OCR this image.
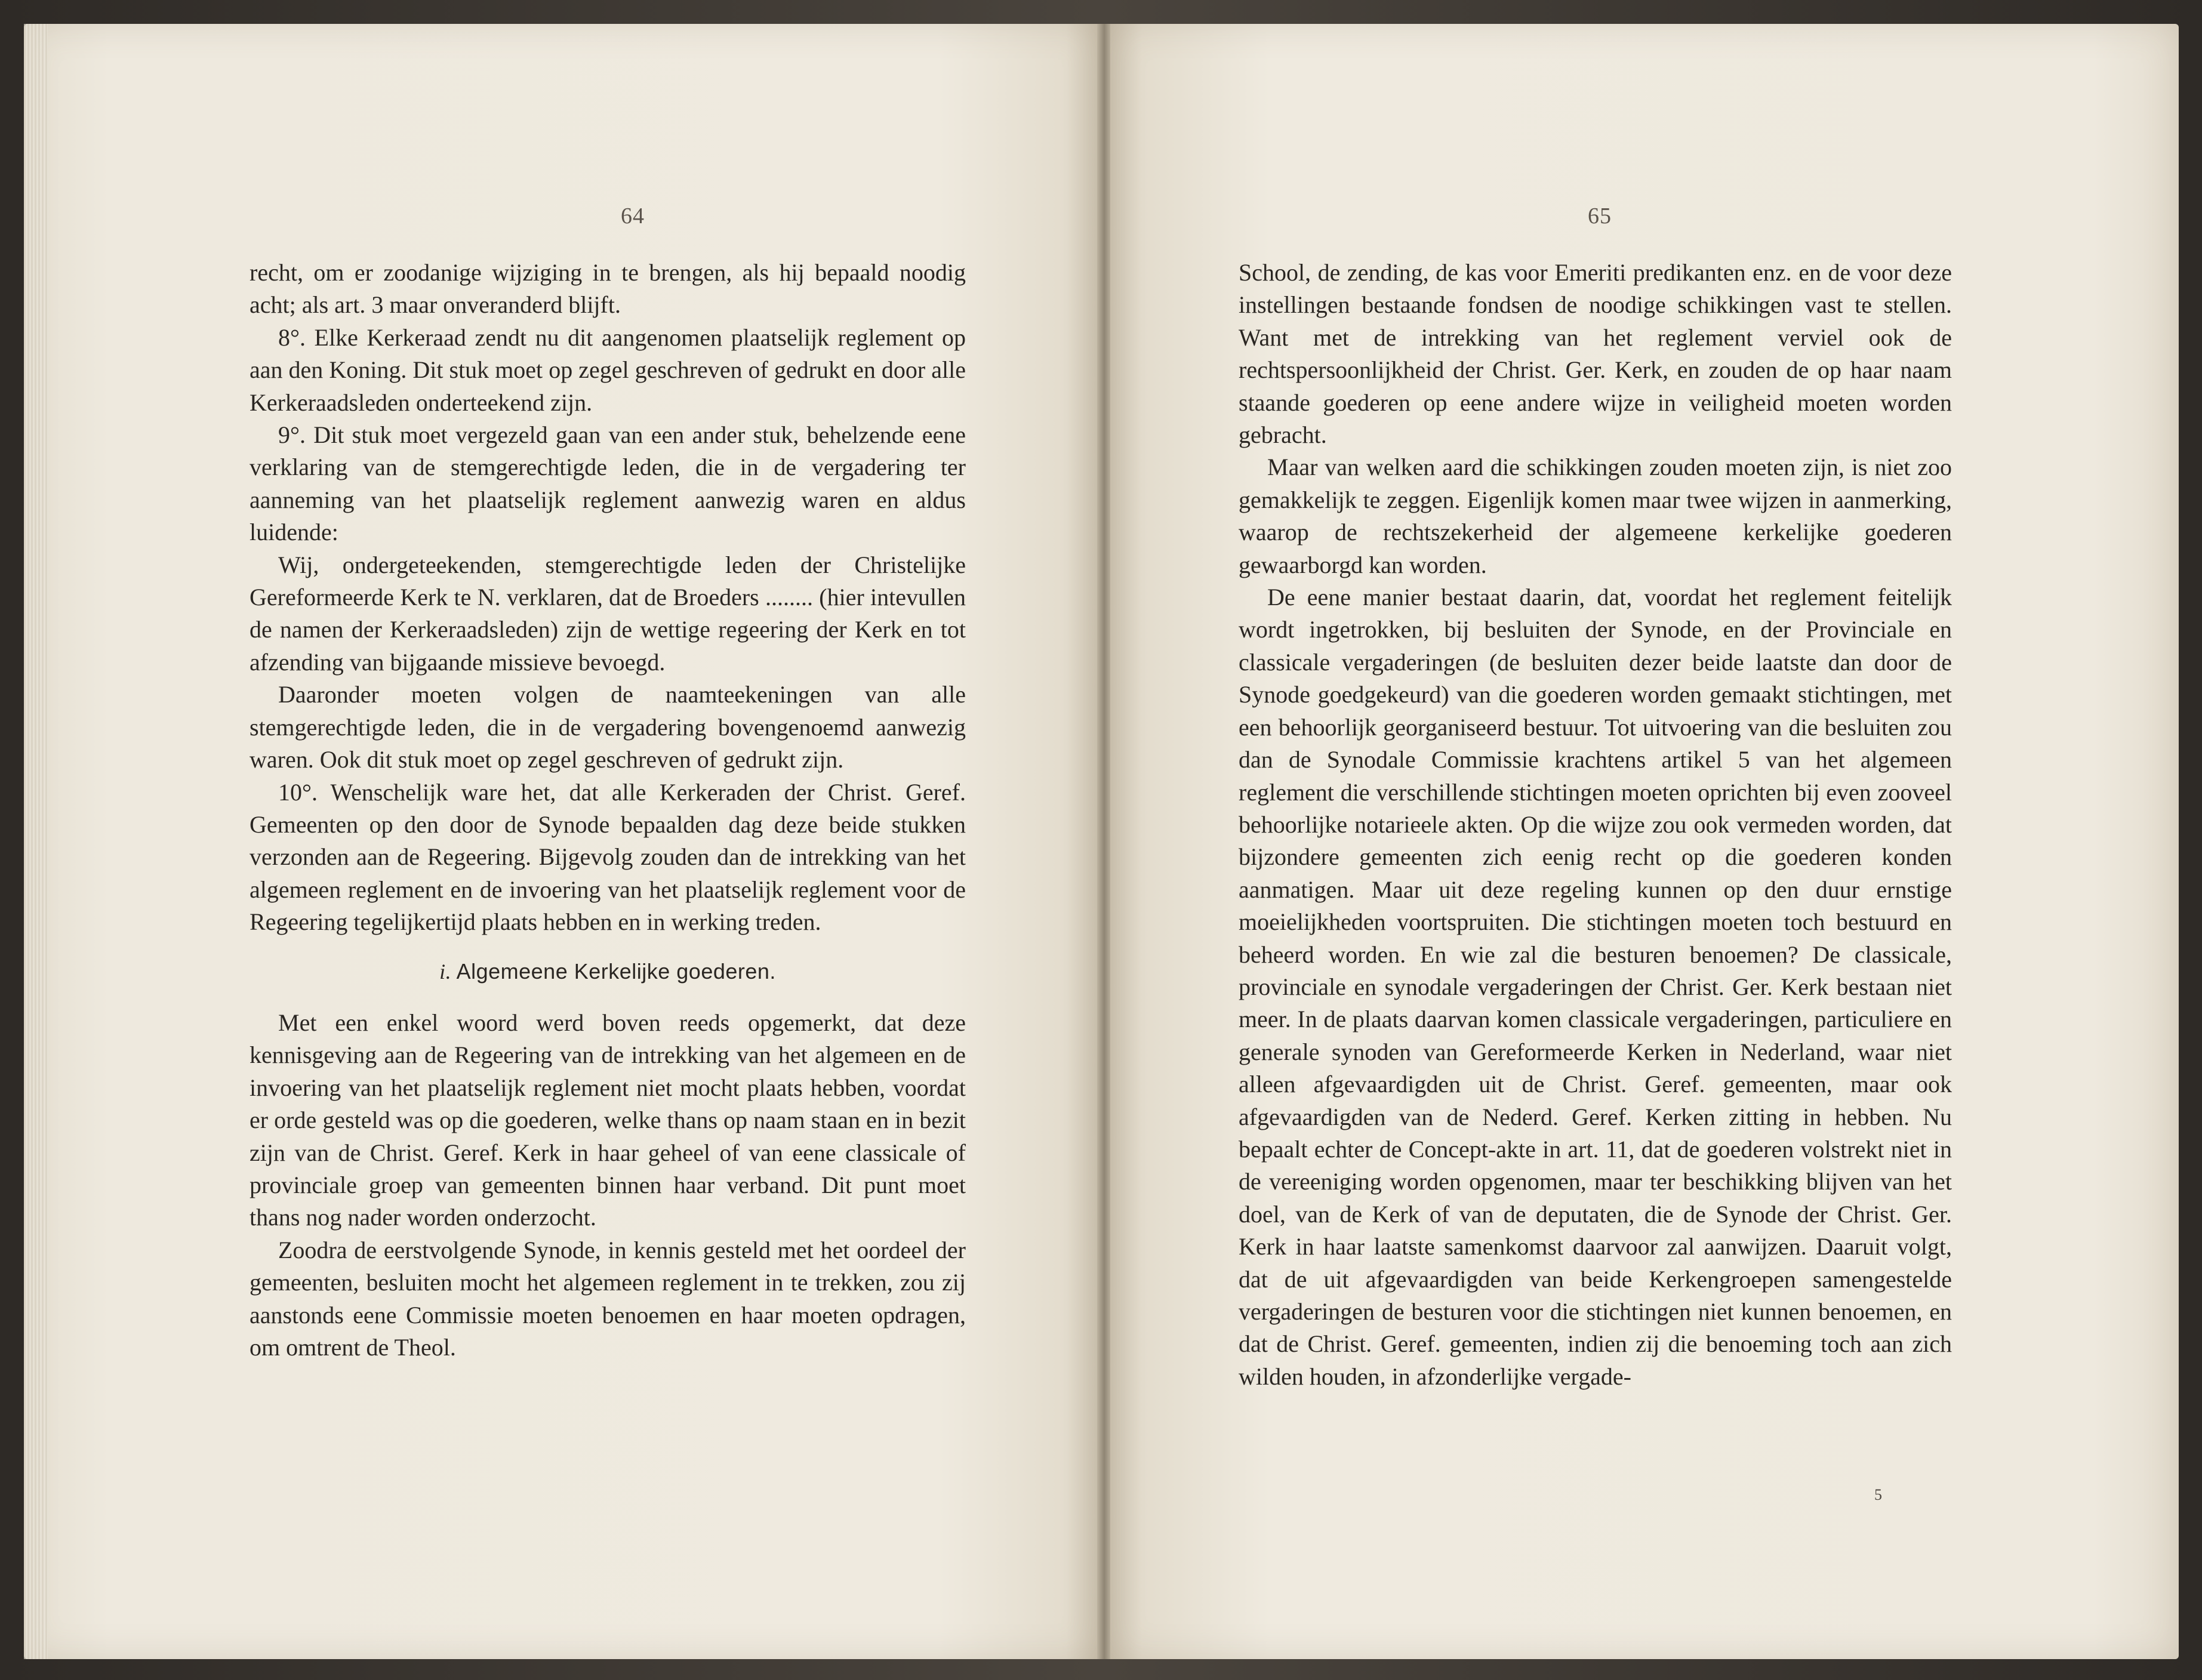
64

recht, om er zoodanige wijziging in te brengen, als hij bepaald noodig acht; als art. 3 maar onveranderd blijft.

8°. Elke Kerkeraad zendt nu dit aangenomen plaatselijk reglement op aan den Koning. Dit stuk moet op zegel geschreven of gedrukt en door alle Kerkeraadsleden onderteekend zijn.

9°. Dit stuk moet vergezeld gaan van een ander stuk, behelzende eene verklaring van de stemgerechtigde leden, die in de vergadering ter aanneming van het plaatselijk reglement aanwezig waren en aldus luidende:

Wij, ondergeteekenden, stemgerechtigde leden der Christelijke Gereformeerde Kerk te N. verklaren, dat de Broeders ........ (hier intevullen de namen der Kerkeraadsleden) zijn de wettige regeering der Kerk en tot afzending van bijgaande missieve bevoegd.

Daaronder moeten volgen de naamteekeningen van alle stemgerechtigde leden, die in de vergadering bovengenoemd aanwezig waren. Ook dit stuk moet op zegel geschreven of gedrukt zijn.

10°. Wenschelijk ware het, dat alle Kerkeraden der Christ. Geref. Gemeenten op den door de Synode bepaalden dag deze beide stukken verzonden aan de Regeering. Bijgevolg zouden dan de intrekking van het algemeen reglement en de invoering van het plaatselijk reglement voor de Regeering tegelijkertijd plaats hebben en in werking treden.

i. Algemeene Kerkelijke goederen.

Met een enkel woord werd boven reeds opgemerkt, dat deze kennisgeving aan de Regeering van de intrekking van het algemeen en de invoering van het plaatselijk reglement niet mocht plaats hebben, voordat er orde gesteld was op die goederen, welke thans op naam staan en in bezit zijn van de Christ. Geref. Kerk in haar geheel of van eene classicale of provinciale groep van gemeenten binnen haar verband. Dit punt moet thans nog nader worden onderzocht.

Zoodra de eerstvolgende Synode, in kennis gesteld met het oordeel der gemeenten, besluiten mocht het algemeen reglement in te trekken, zou zij aanstonds eene Commissie moeten benoemen en haar moeten opdragen, om omtrent de Theol.

65

School, de zending, de kas voor Emeriti predikanten enz. en de voor deze instellingen bestaande fondsen de noodige schikkingen vast te stellen. Want met de intrekking van het reglement verviel ook de rechtspersoonlijkheid der Christ. Ger. Kerk, en zouden de op haar naam staande goederen op eene andere wijze in veiligheid moeten worden gebracht.

Maar van welken aard die schikkingen zouden moeten zijn, is niet zoo gemakkelijk te zeggen. Eigenlijk komen maar twee wijzen in aanmerking, waarop de rechtszekerheid der algemeene kerkelijke goederen gewaarborgd kan worden.

De eene manier bestaat daarin, dat, voordat het reglement feitelijk wordt ingetrokken, bij besluiten der Synode, en der Provinciale en classicale vergaderingen (de besluiten dezer beide laatste dan door de Synode goedgekeurd) van die goederen worden gemaakt stichtingen, met een behoorlijk georganiseerd bestuur. Tot uitvoering van die besluiten zou dan de Synodale Commissie krachtens artikel 5 van het algemeen reglement die verschillende stichtingen moeten oprichten bij even zooveel behoorlijke notarieele akten. Op die wijze zou ook vermeden worden, dat bijzondere gemeenten zich eenig recht op die goederen konden aanmatigen. Maar uit deze regeling kunnen op den duur ernstige moeielijkheden voortspruiten. Die stichtingen moeten toch bestuurd en beheerd worden. En wie zal die besturen benoemen? De classicale, provinciale en synodale vergaderingen der Christ. Ger. Kerk bestaan niet meer. In de plaats daarvan komen classicale vergaderingen, particuliere en generale synoden van Gereformeerde Kerken in Nederland, waar niet alleen afgevaardigden uit de Christ. Geref. gemeenten, maar ook afgevaardigden van de Nederd. Geref. Kerken zitting in hebben. Nu bepaalt echter de Concept-akte in art. 11, dat de goederen volstrekt niet in de vereeniging worden opgenomen, maar ter beschikking blijven van het doel, van de Kerk of van de deputaten, die de Synode der Christ. Ger. Kerk in haar laatste samenkomst daarvoor zal aanwijzen. Daaruit volgt, dat de uit afgevaardigden van beide Kerkengroepen samengestelde vergaderingen de besturen voor die stichtingen niet kunnen benoemen, en dat de Christ. Geref. gemeenten, indien zij die benoeming toch aan zich wilden houden, in afzonderlijke vergade-

5
